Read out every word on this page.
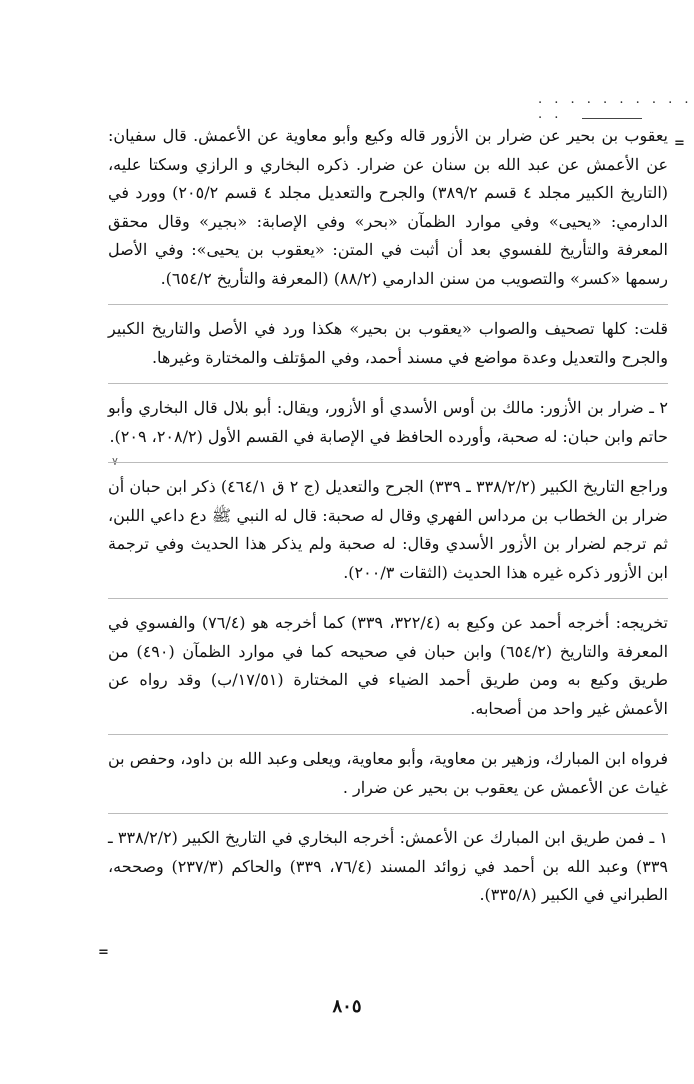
. . . . . . . . . . . .
=
=

يعقوب بن بحير عن ضرار بن الأزور قاله وكيع وأبو معاوية عن الأعمش. قال سفيان: عن الأعمش عن عبد الله بن سنان عن ضرار. ذكره البخاري و الرازي وسكتا عليه، (التاريخ الكبير مجلد ٤ قسم ٣٨٩/٢) والجرح والتعديل مجلد ٤ قسم ٢٠٥/٢) وورد في الدارمي: «يحيى» وفي موارد الظمآن «بحر» وفي الإصابة: «بجير» وقال محقق المعرفة والتأريخ للفسوي بعد أن أثبت في المتن: «يعقوب بن يحيى»: وفي الأصل رسمها «كسر» والتصويب من سنن الدارمي (٨٨/٢) (المعرفة والتأريخ ٦٥٤/٢).

قلت: كلها تصحيف والصواب «يعقوب بن بحير» هكذا ورد في الأصل والتاريخ الكبير والجرح والتعديل وعدة مواضع في مسند أحمد، وفي المؤتلف والمختارة وغيرها.

٢ ـ ضرار بن الأزور: مالك بن أوس الأسدي أو الأزور، ويقال: أبو بلال قال البخاري وأبو حاتم وابن حبان: له صحبة، وأورده الحافظ في الإصابة في القسم الأول (٢٠٨/٢، ٢٠٩).

وراجع التاريخ الكبير (٣٣٨/٢/٢ ـ ٣٣٩) الجرح والتعديل (ج ٢ ق ٤٦٤/١) ذكر ابن حبان أن ضرار بن الخطاب بن مرداس الفهري وقال له صحبة: قال له النبي ﷺ دع داعي اللبن، ثم ترجم لضرار بن الأزور الأسدي وقال: له صحبة ولم يذكر هذا الحديث وفي ترجمة ابن الأزور ذكره غيره هذا الحديث (الثقات ٢٠٠/٣).

تخريجه: أخرجه أحمد عن وكيع به (٣٢٢/٤، ٣٣٩) كما أخرجه هو (٧٦/٤) والفسوي في المعرفة والتاريخ (٦٥٤/٢) وابن حبان في صحيحه كما في موارد الظمآن (٤٩٠) من طريق وكيع به ومن طريق أحمد الضياء في المختارة (١٧/٥١/ب) وقد رواه عن الأعمش غير واحد من أصحابه.

فرواه ابن المبارك، وزهير بن معاوية، وأبو معاوية، ويعلى وعبد الله بن داود، وحفص بن غياث عن الأعمش عن يعقوب بن بحير عن ضرار .

١ ـ فمن طريق ابن المبارك عن الأعمش: أخرجه البخاري في التاريخ الكبير (٣٣٨/٢/٢ ـ ٣٣٩) وعبد الله بن أحمد في زوائد المسند (٧٦/٤، ٣٣٩) والحاكم (٢٣٧/٣) وصححه، الطبراني في الكبير (٣٣٥/٨).

٨٠٥
